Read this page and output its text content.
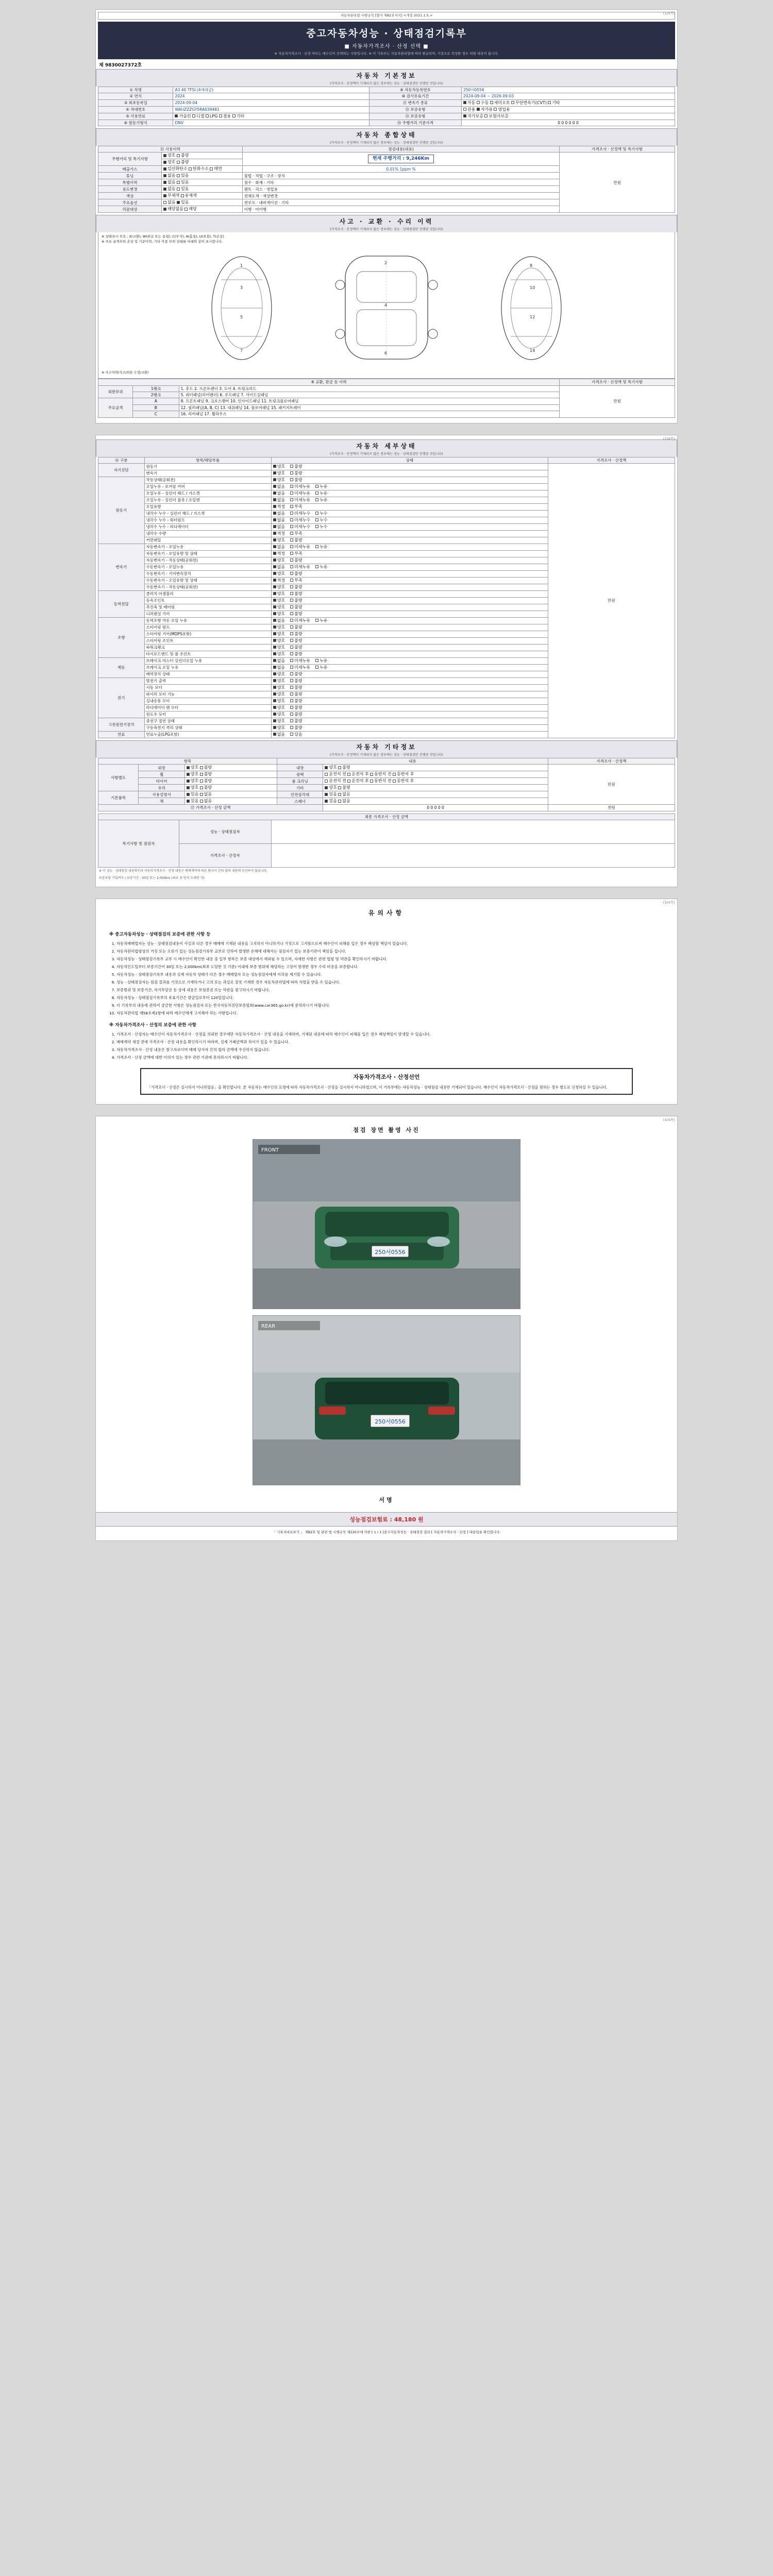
(1/4쪽)
자동차관리법 시행규칙 [별지 제82호서식] <개정 2021.1.5.>
중고자동차성능 · 상태점검기록부
■ 자동차가격조사 · 산정 선택 ■
※ 자동차가격조사 · 산정 여부는 매수인이 선택하는 사항입니다. ※ 이 기록부는 자동차관리법에 따라 발급되며, 거짓으로 작성한 경우 처벌 대상이 됩니다.
제 9830027372호
자동차 기본정보
(가격조사 · 산정액이 기재되지 않은 경우에는 성능 · 상태점검만 진행된 것입니다)
① 차명	A3 40 TFSI (4세대급)	⑨ 자동차등록번호	250서0556
② 연식	2024	⑩ 검사유효기간	2024-09-04 ~ 2026-09-03
③ 최초등록일	2024-09-04	⑪ 변속기 종류	자동 수동 세미오토 무단변속기(CVT) 기타
④ 차대번호	WAUZZZGY5RA039481	⑬ 보증유형	관용 자가용 영업용
⑤ 사용연료	가솔린 디젤 LPG 겸용 기타	⑬ 보증유형	자가보증 보험사보증
⑥ 원동기형식	DNV	⑭ 주행거리 기준가격	0 0 0 0 0 0
자동차 종합상태
(가격조사 · 산정액이 기재되지 않은 경우에는 성능 · 상태점검만 진행된 것입니다)
⑮ 사용이력		점검내용(내용)	가격조사 · 산정액 및 특기사항
주행거리 및 특기사항	양호 불량	현재 주행거리 : 9,246Km	만원
	양호 불량		
배출가스	일산화탄소 탄화수소 매연	0.01% 1ppm %	
튜닝	없음 있음	불법 · 적법 · 구조 · 장치	
특별이력	없음 있음	침수 · 화재 · 기타	
용도변경	없음 있음	렌트 · 리스 · 영업용	
색상	무채색 유채색	전체도색 · 색상변경	
주요옵션	없음 있음	썬루프 · 내비게이션 · 기타	
리콜대상	해당없음 해당	이행 · 미이행	
사고 · 교환 · 수리 이력
(가격조사 · 산정액이 기재되지 않은 경우에는 성능 · 상태점검만 진행된 것입니다)
※ 상태표시 부호 : X(교환), W(판금 또는 용접), C(부식), A(흠집), U(요철), T(손상)
※ 주요 골격부위 손상 및 기준이력, 기타 각종 부위 상태를 아래와 같이 표시합니다.
1
3
5
7
2
4
6
8
10
12
14
※ 사고이력(사고/외판 수정/교환)
※ 교환, 판금 등 이력			가격조사 · 산정액 및 특기사항
외판부위	1랭크	1. 후드 2. 프론트펜더 3. 도어 4. 트렁크리드	만원
	2랭크	5. 쿼터패널(리어펜더) 6. 루프패널 7. 사이드실패널	
주요골격	A	8. 프론트패널 9. 크로스맴버 10. 인사이드패널 11. 트렁크플로어패널	
	B	12. 필러패널(A, B, C) 13. 대쉬패널 14. 플로어패널 15. 패키지트레이	
	C	16. 리어패널 17. 휠하우스	
(2/4쪽)
자동차 세부상태
(가격조사 · 산정액이 기재되지 않은 경우에는 성능 · 상태점검만 진행된 것입니다)
⑯ 구분	항목/해당부품	상태	가격조사 · 산정액
자기진단	원동기	양호 불량	만원
	변속기	양호 불량	
원동기	작동상태(공회전)	양호 불량	
	오일누유 - 로커암 커버	없음 미세누유 누유	
	오일누유 - 실린더 헤드 / 가스켓	없음 미세누유 누유	
	오일누유 - 실린더 블록 / 오일팬	없음 미세누유 누유	
	오일유량	적정 부족	
	냉각수 누수 - 실린더 헤드 / 가스켓	없음 미세누수 누수	
	냉각수 누수 - 워터펌프	없음 미세누수 누수	
	냉각수 누수 - 라디에이터	없음 미세누수 누수	
	냉각수 수량	적정 부족	
	커먼레일	양호 불량	
변속기	자동변속기 - 오일누유	없음 미세누유 누유	
	자동변속기 - 오일유량 및 상태	적정 부족	
	자동변속기 - 작동상태(공회전)	양호 불량	
	수동변속기 - 오일누유	없음 미세누유 누유	
	수동변속기 - 기어변속장치	양호 불량	
	수동변속기 - 오일유량 및 상태	적정 부족	
	수동변속기 - 작동상태(공회전)	양호 불량	
동력전달	클러치 어셈블리	양호 불량	
	등속조인트	양호 불량	
	추진축 및 베어링	양호 불량	
	디퍼렌셜 기어	양호 불량	
조향	동력조향 작동 오일 누유	없음 미세누유 누유	
	스티어링 펌프	양호 불량	
	스티어링 기어(MDPS포함)	양호 불량	
	스티어링 조인트	양호 불량	
	파워크랭크	양호 불량	
	타이로드엔드 및 볼 조인트	양호 불량	
제동	브레이크 마스터 실린더오일 누유	없음 미세누유 누유	
	브레이크 오일 누유	없음 미세누유 누유	
	배력장치 상태	양호 불량	
전기	발전기 출력	양호 불량	
	시동 모터	양호 불량	
	와이퍼 모터 기능	양호 불량	
	실내송풍 모터	양호 불량	
	라디에이터 팬 모터	양호 불량	
	윈도우 모터	양호 불량	
고전원전기장치	충전구 절연 상태	양호 불량	
	구동축전지 격리 상태	양호 불량	
연료	연료누출(LPG포함)	없음 있음	
자동차 기타정보
(가격조사 · 산정액이 기재되지 않은 경우에는 성능 · 상태점검만 진행된 것입니다)
항목			내용		가격조사 · 산정액
사항별도	외장	양호 불량	내장	양호 불량	만원
	휠	양호 불량	광택	운전석 전 운전석 후 동반석 전 동반석 후	
	타이어	양호 불량	룸 크리닝	운전석 전 운전석 후 동반석 전 동반석 후	
	유리	양호 불량	기타	양호 불량	
기본품목	사용설명서	있음 없음	안전삼각대	있음 없음	
	잭	있음 없음	스패너	있음 없음	
⑰ 가격조사 · 산정 금액				0 0 0 0 0	천원
최종 가격조사 · 산정 금액		
특기사항 및 점검자	성능 · 상태점검자	
	가격조사 · 산정자	
※ 이 성능 · 상태점검 내용확인과 자동차가격조사 · 산정 내용은 매매계약에 따른 당사자 간의 합의 내용에 우선하지 않습니다.
보증보험 가입여부 / 보증기간 : 30일 또는 2,000km (최초 중 먼저 도래한 것)
(3/4쪽)
유의사항
※ 중고자동차성능 · 상태점검의 보증에 관한 사항 등
1. 자동차매매업자는 성능 · 상태점검내용이 사실과 다른 경우 매매에 기재된 내용을 고지하지 아니하거나 거짓으로 고지함으로써 매수인이 피해를 입은 경우 배상할 책임이 있습니다.
2. 자동차관리법령상의 거짓 또는 오류가 있는 성능점검기록부 교부로 인하여 발생한 손해에 대해서는 점검자가 있는 보증기관이 책임을 집니다.
3. 자동차성능 · 상태점검기록부 교부 시 매수인이 확인한 내용 중 일부 항목은 보증 대상에서 제외될 수 있으며, 자세한 사항은 관련 법령 및 약관을 확인하시기 바랍니다.
4. 자동차인도일부터 보증기간이 30일 또는 2,000km(최초 도달한 것 기준) 이내에 보증 범위에 해당하는 고장이 발생한 경우 수리 비용을 보증합니다.
5. 자동차성능 · 상태점검기록부 내용과 실제 자동차 상태가 다른 경우 매매업자 또는 성능점검자에게 이의를 제기할 수 있습니다.
6. 성능 · 상태점검자는 점검 결과를 거짓으로 기재하거나 고의 또는 과실로 잘못 기재한 경우 자동차관리법에 따라 처벌을 받을 수 있습니다.
7. 보증범위 및 보증기간, 자기부담금 등 상세 내용은 보험증권 또는 약관을 참고하시기 바랍니다.
8. 자동차성능 · 상태점검기록부의 유효기간은 발급일로부터 120일입니다.
9. 이 기록부의 내용에 관하여 궁금한 사항은 성능점검자 또는 한국자동차진단보증협회(www.car365.go.kr)에 문의하시기 바랍니다.
10. 자동차관리법 제58조제1항에 따라 매수인에게 고지해야 하는 사항입니다.
※ 자동차가격조사 · 산정의 보증에 관한 사항
1. 가격조사 · 산정자는 매수인이 자동차가격조사 · 산정을 의뢰한 경우에만 자동차가격조사 · 산정 내용을 기재하며, 기재된 내용에 따라 매수인이 피해를 입은 경우 배상책임이 발생할 수 있습니다.
2. 매매계약 체결 전에 가격조사 · 산정 내용을 확인하시기 바라며, 실제 거래금액과 차이가 있을 수 있습니다.
3. 자동차가격조사 · 산정 내용은 참고자료이며 매매 당사자 간의 합의 금액에 우선하지 않습니다.
4. 가격조사 · 산정 금액에 대한 이의가 있는 경우 관련 기관에 문의하시기 바랍니다.
자동차가격조사 · 산정선언
「가격조사 · 산정은 실시하지 아니하였음」을 확인합니다. 본 자동차는 매수인의 요청에 따라 자동차가격조사 · 산정을 실시하지 아니하였으며, 이 기록부에는 자동차성능 · 상태점검 내용만 기재되어 있습니다. 매수인이 자동차가격조사 · 산정을 원하는 경우 별도로 신청하실 수 있습니다.
(4/4쪽)
점검 장면 촬영 사진
250서0556
FRONT
250서0556
REAR
서명
성능점검보험료 : 48,180 원
「 기록지바로보기 」 제82호 및 관련 법 시행규칙 제120조에 의한 [ 1 / 1 ]중고자동차성능 · 상태점검 결과 [ 자동차가격조사 · 산정 ] 내용임을 확인합니다.
